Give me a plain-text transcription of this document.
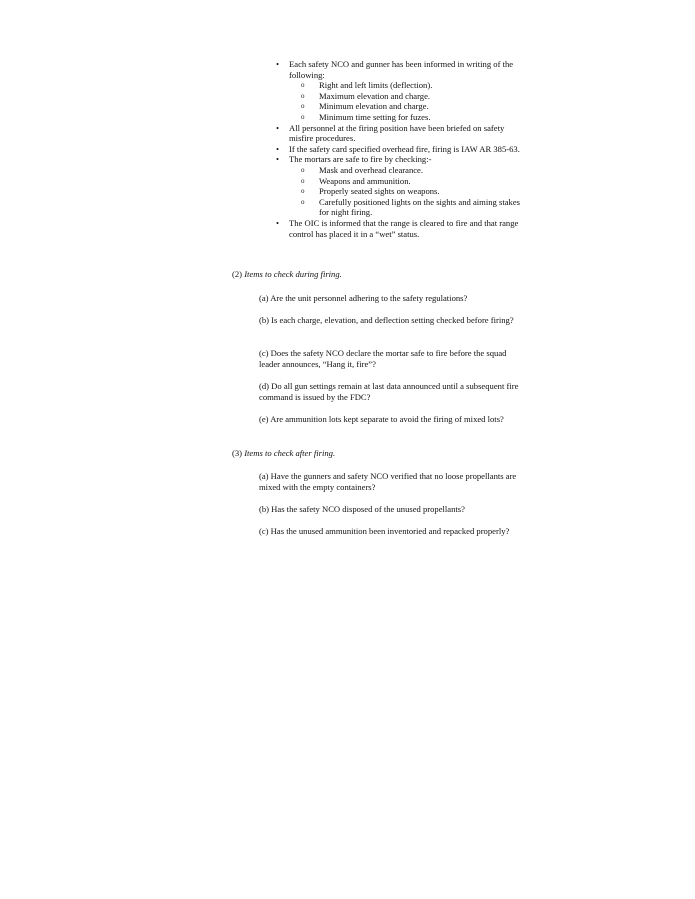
• Each safety NCO and gunner has been informed in writing of the following:
o Right and left limits (deflection).
o Maximum elevation and charge.
o Minimum elevation and charge.
o Minimum time setting for fuzes.
• All personnel at the firing position have been briefed on safety misfire procedures.
• If the safety card specified overhead fire, firing is IAW AR 385-63.
• The mortars are safe to fire by checking:-
o Mask and overhead clearance.
o Weapons and ammunition.
o Properly seated sights on weapons.
o Carefully positioned lights on the sights and aiming stakes for night firing.
• The OIC is informed that the range is cleared to fire and that range control has placed it in a “wet” status.
(2) Items to check during firing.
(a) Are the unit personnel adhering to the safety regulations?
(b) Is each charge, elevation, and deflection setting checked before firing?
(c) Does the safety NCO declare the mortar safe to fire before the squad leader announces, “Hang it, fire”?
(d) Do all gun settings remain at last data announced until a subsequent fire command is issued by the FDC?
(e) Are ammunition lots kept separate to avoid the firing of mixed lots?
(3) Items to check after firing.
(a) Have the gunners and safety NCO verified that no loose propellants are mixed with the empty containers?
(b) Has the safety NCO disposed of the unused propellants?
(c) Has the unused ammunition been inventoried and repacked properly?
